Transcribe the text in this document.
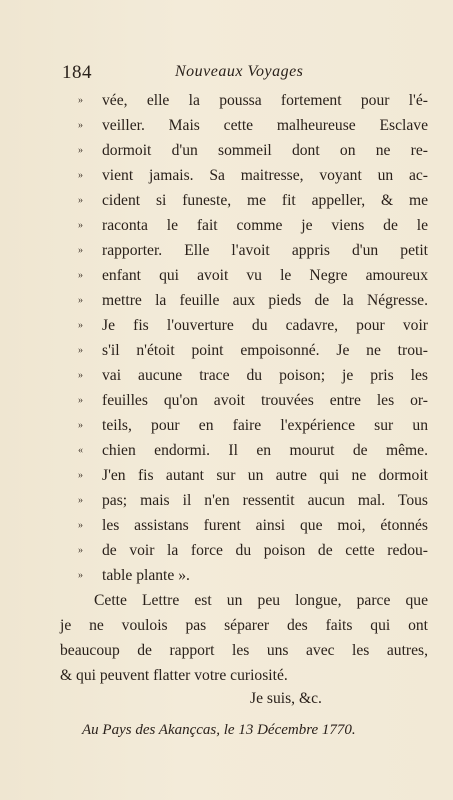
184	Nouveaux Voyages
»	vée, elle la poussa fortement pour l'é-
»	veiller. Mais cette malheureuse Esclave
»	dormoit d'un sommeil dont on ne re-
»	vient jamais. Sa maitresse, voyant un ac-
»	cident si funeste, me fit appeller, & me
»	raconta le fait comme je viens de le
»	rapporter. Elle l'avoit appris d'un petit
»	enfant qui avoit vu le Negre amoureux
»	mettre la feuille aux pieds de la Négresse.
»	Je fis l'ouverture du cadavre, pour voir
»	s'il n'étoit point empoisonné. Je ne trou-
»	vai aucune trace du poison; je pris les
»	feuilles qu'on avoit trouvées entre les or-
»	teils, pour en faire l'expérience sur un
«	chien endormi. Il en mourut de même.
»	J'en fis autant sur un autre qui ne dormoit
»	pas; mais il n'en ressentit aucun mal. Tous
»	les assistans furent ainsi que moi, étonnés
»	de voir la force du poison de cette redou-
»	table plante ».
Cette Lettre est un peu longue, parce que
je ne voulois pas séparer des faits qui ont
beaucoup de rapport les uns avec les autres,
& qui peuvent flatter votre curiosité.
Je suis, &c.
Au Pays des Akançcas, le 13 Décembre 1770.
